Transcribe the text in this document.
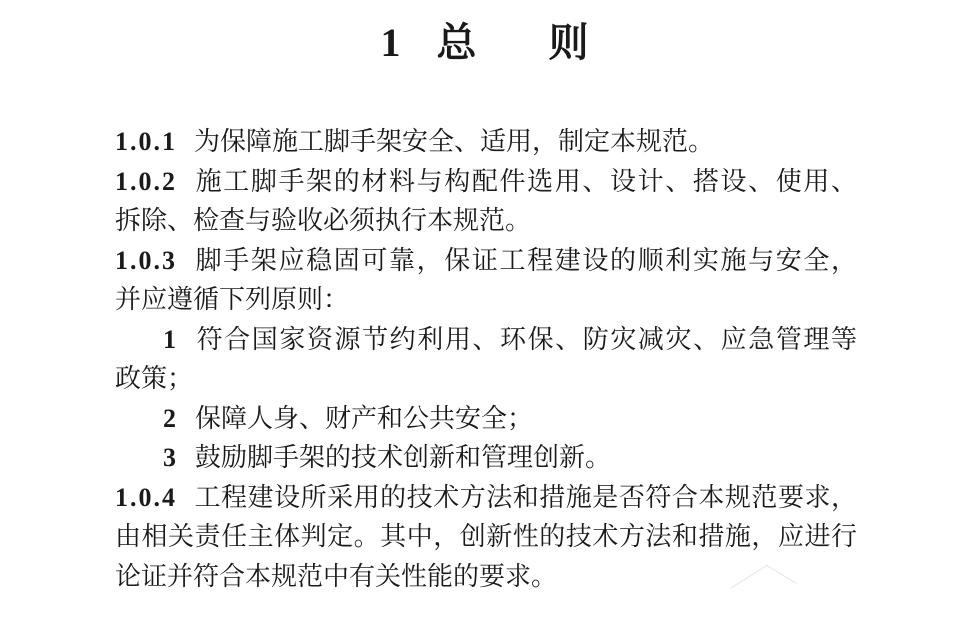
1 总则
1.0.1 为保障施工脚手架安全、适用，制定本规范。
1.0.2 施工脚手架的材料与构配件选用、设计、搭设、使用、
拆除、检查与验收必须执行本规范。
1.0.3 脚手架应稳固可靠，保证工程建设的顺利实施与安全，
并应遵循下列原则：
1 符合国家资源节约利用、环保、防灾减灾、应急管理等
政策；
2 保障人身、财产和公共安全；
3 鼓励脚手架的技术创新和管理创新。
1.0.4 工程建设所采用的技术方法和措施是否符合本规范要求，
由相关责任主体判定。其中，创新性的技术方法和措施，应进行
论证并符合本规范中有关性能的要求。
